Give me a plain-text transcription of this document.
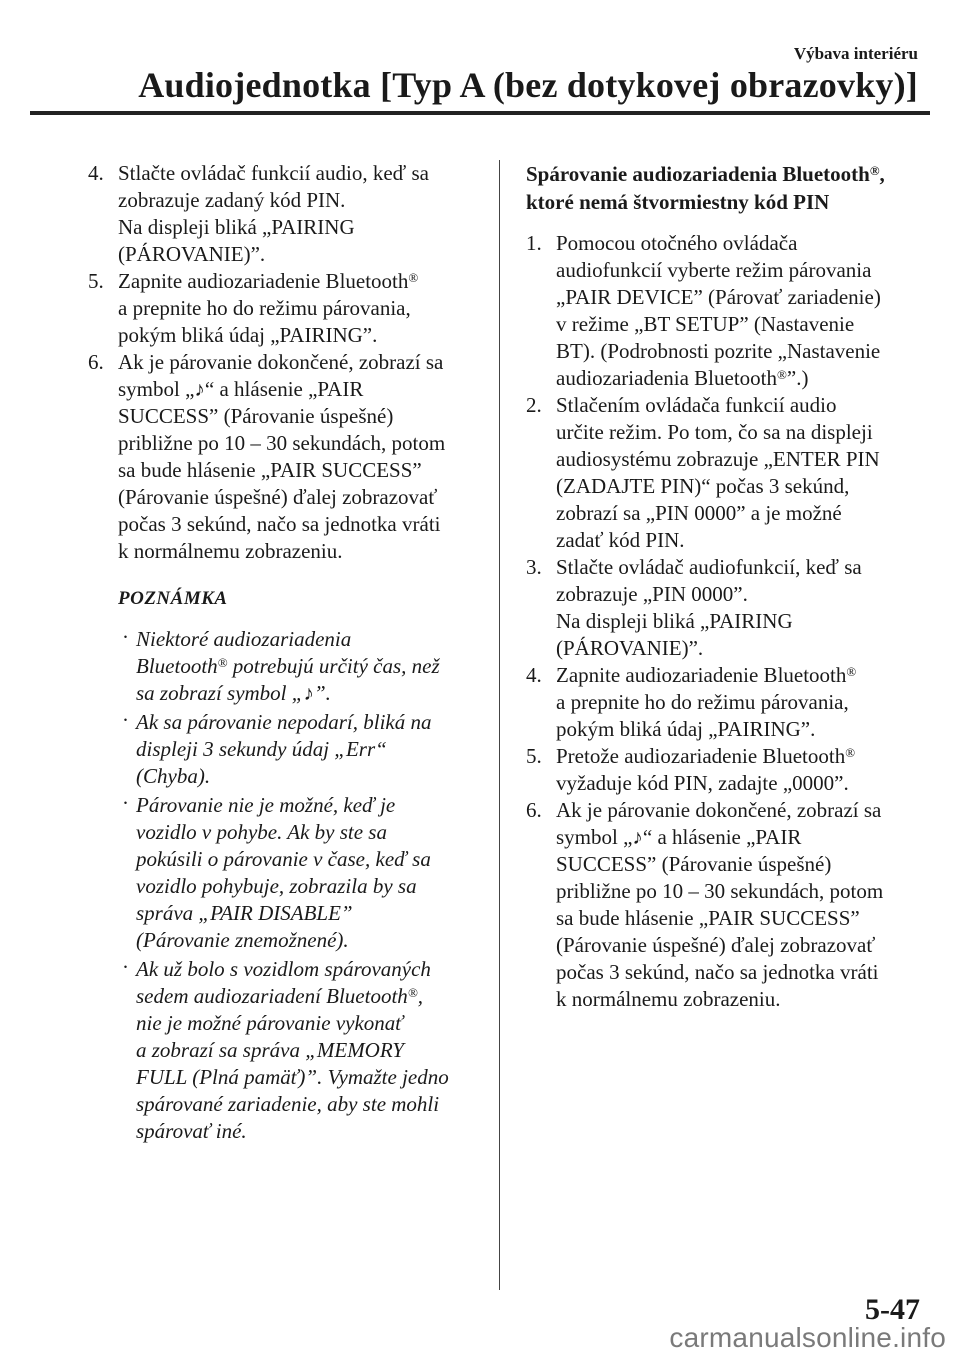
Výbava interiéru
Audiojednotka [Typ A (bez dotykovej obrazovky)]
4. Stlačte ovládač funkcií audio, keď sa
zobrazuje zadaný kód PIN.
Na displeji bliká „PAIRING
(PÁROVANIE)”.
5. Zapnite audiozariadenie Bluetooth®
a prepnite ho do režimu párovania,
pokým bliká údaj „PAIRING”.
6. Ak je párovanie dokončené, zobrazí sa
symbol „♪“ a hlásenie „PAIR
SUCCESS” (Párovanie úspešné)
približne po 10 – 30 sekundách, potom
sa bude hlásenie „PAIR SUCCESS”
(Párovanie úspešné) ďalej zobrazovať
počas 3 sekúnd, načo sa jednotka vráti
k normálnemu zobrazeniu.
POZNÁMKA
· Niektoré audiozariadenia
Bluetooth® potrebujú určitý čas, než
sa zobrazí symbol „♪”.
· Ak sa párovanie nepodarí, bliká na
displeji 3 sekundy údaj „Err“
(Chyba).
· Párovanie nie je možné, keď je
vozidlo v pohybe. Ak by ste sa
pokúsili o párovanie v čase, keď sa
vozidlo pohybuje, zobrazila by sa
správa „PAIR DISABLE”
(Párovanie znemožnené).
· Ak už bolo s vozidlom spárovaných
sedem audiozariadení Bluetooth®,
nie je možné párovanie vykonať
a zobrazí sa správa „MEMORY
FULL (Plná pamäť)”. Vymažte jedno
spárované zariadenie, aby ste mohli
spárovať iné.
Spárovanie audiozariadenia Bluetooth®,
ktoré nemá štvormiestny kód PIN
1. Pomocou otočného ovládača
audiofunkcií vyberte režim párovania
„PAIR DEVICE” (Párovať zariadenie)
v režime „BT SETUP” (Nastavenie
BT). (Podrobnosti pozrite „Nastavenie
audiozariadenia Bluetooth®”.)
2. Stlačením ovládača funkcií audio
určite režim. Po tom, čo sa na displeji
audiosystému zobrazuje „ENTER PIN
(ZADAJTE PIN)“ počas 3 sekúnd,
zobrazí sa „PIN 0000” a je možné
zadať kód PIN.
3. Stlačte ovládač audiofunkcií, keď sa
zobrazuje „PIN 0000”.
Na displeji bliká „PAIRING
(PÁROVANIE)”.
4. Zapnite audiozariadenie Bluetooth®
a prepnite ho do režimu párovania,
pokým bliká údaj „PAIRING”.
5. Pretože audiozariadenie Bluetooth®
vyžaduje kód PIN, zadajte „0000”.
6. Ak je párovanie dokončené, zobrazí sa
symbol „♪“ a hlásenie „PAIR
SUCCESS” (Párovanie úspešné)
približne po 10 – 30 sekundách, potom
sa bude hlásenie „PAIR SUCCESS”
(Párovanie úspešné) ďalej zobrazovať
počas 3 sekúnd, načo sa jednotka vráti
k normálnemu zobrazeniu.
5-47
carmanualsonline.info
